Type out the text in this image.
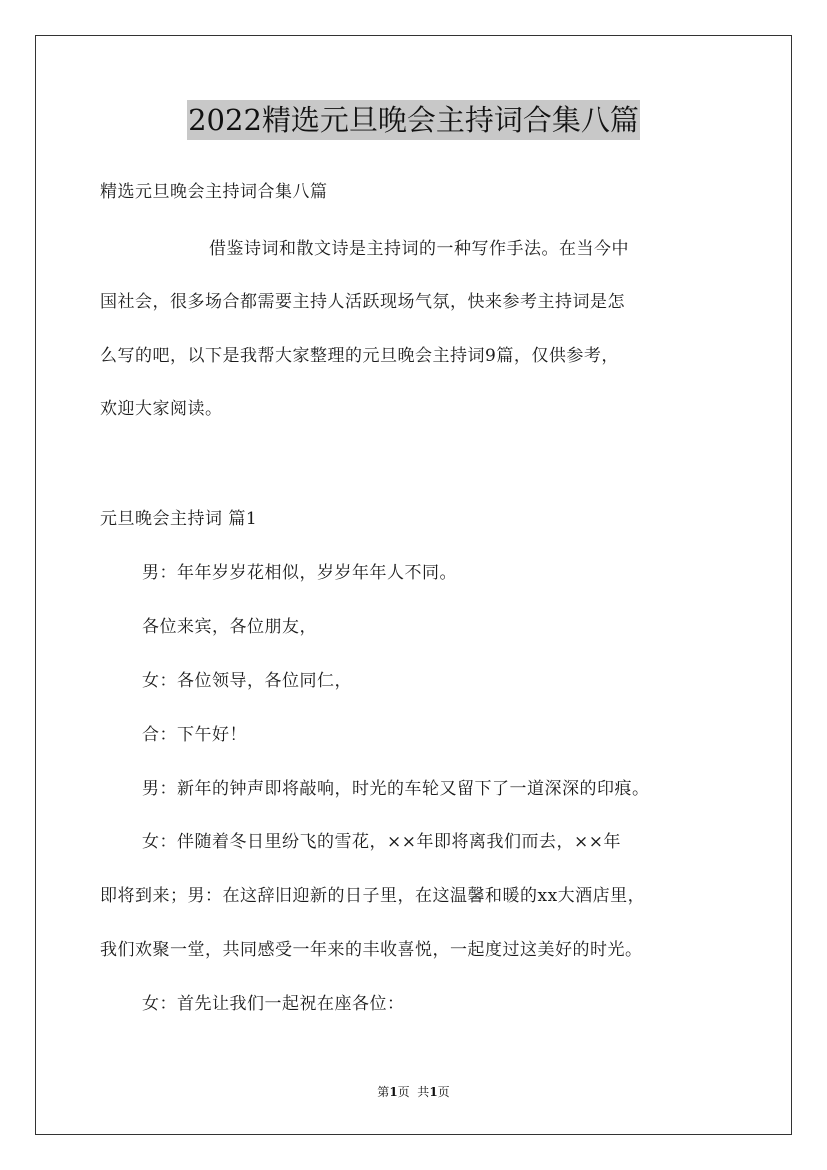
2022精选元旦晚会主持词合集八篇
精选元旦晚会主持词合集八篇
借鉴诗词和散文诗是主持词的一种写作手法。在当今中
国社会，很多场合都需要主持人活跃现场气氛，快来参考主持词是怎
么写的吧，以下是我帮大家整理的元旦晚会主持词9篇，仅供参考，
欢迎大家阅读。
元旦晚会主持词 篇1
男：年年岁岁花相似，岁岁年年人不同。
各位来宾，各位朋友，
女：各位领导，各位同仁，
合：下午好！
男：新年的钟声即将敲响，时光的车轮又留下了一道深深的印痕。
女：伴随着冬日里纷飞的雪花，××年即将离我们而去，××年
即将到来；男：在这辞旧迎新的日子里，在这温馨和暖的xx大酒店里，
我们欢聚一堂，共同感受一年来的丰收喜悦，一起度过这美好的时光。
女：首先让我们一起祝在座各位：
第1页  共1页
